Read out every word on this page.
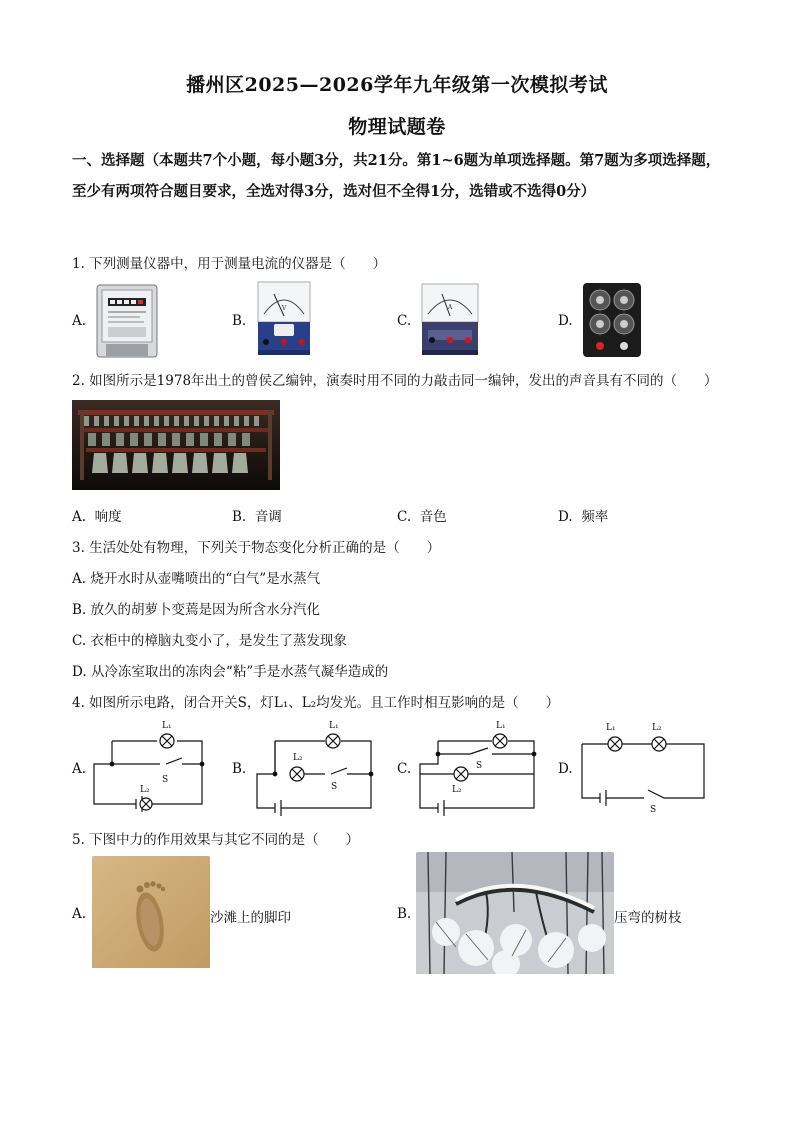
播州区2025—2026学年九年级第一次模拟考试
物理试题卷
一、选择题（本题共7个小题，每小题3分，共21分。第1~6题为单项选择题。第7题为多项选择题，至少有两项符合题目要求，全选对得3分，选对但不全得1分，选错或不选得0分）
1. 下列测量仪器中，用于测量电流的仪器是（　　）
A.	B.
V
C.
A
D.
2. 如图所示是1978年出土的曾侯乙编钟，演奏时用不同的力敲击同一编钟，发出的声音具有不同的（　　）
A. 响度	B. 音调	C. 音色	D. 频率
3. 生活处处有物理，下列关于物态变化分析正确的是（　　）
A. 烧开水时从壶嘴喷出的“白气”是水蒸气
B. 放久的胡萝卜变蔫是因为所含水分汽化
C. 衣柜中的樟脑丸变小了，是发生了蒸发现象
D. 从冷冻室取出的冻肉会“粘”手是水蒸气凝华造成的
4. 如图所示电路，闭合开关S，灯L₁、L₂均发光。且工作时相互影响的是（　　）
A.
L₁
L₂
S
B.
L₁
L₂
S
C.
L₁
L₂
S	D.
L₁	L₂
S
5. 下图中力的作用效果与其它不同的是（　　）
A.	沙滩上的脚印	B.	压弯的树枝
